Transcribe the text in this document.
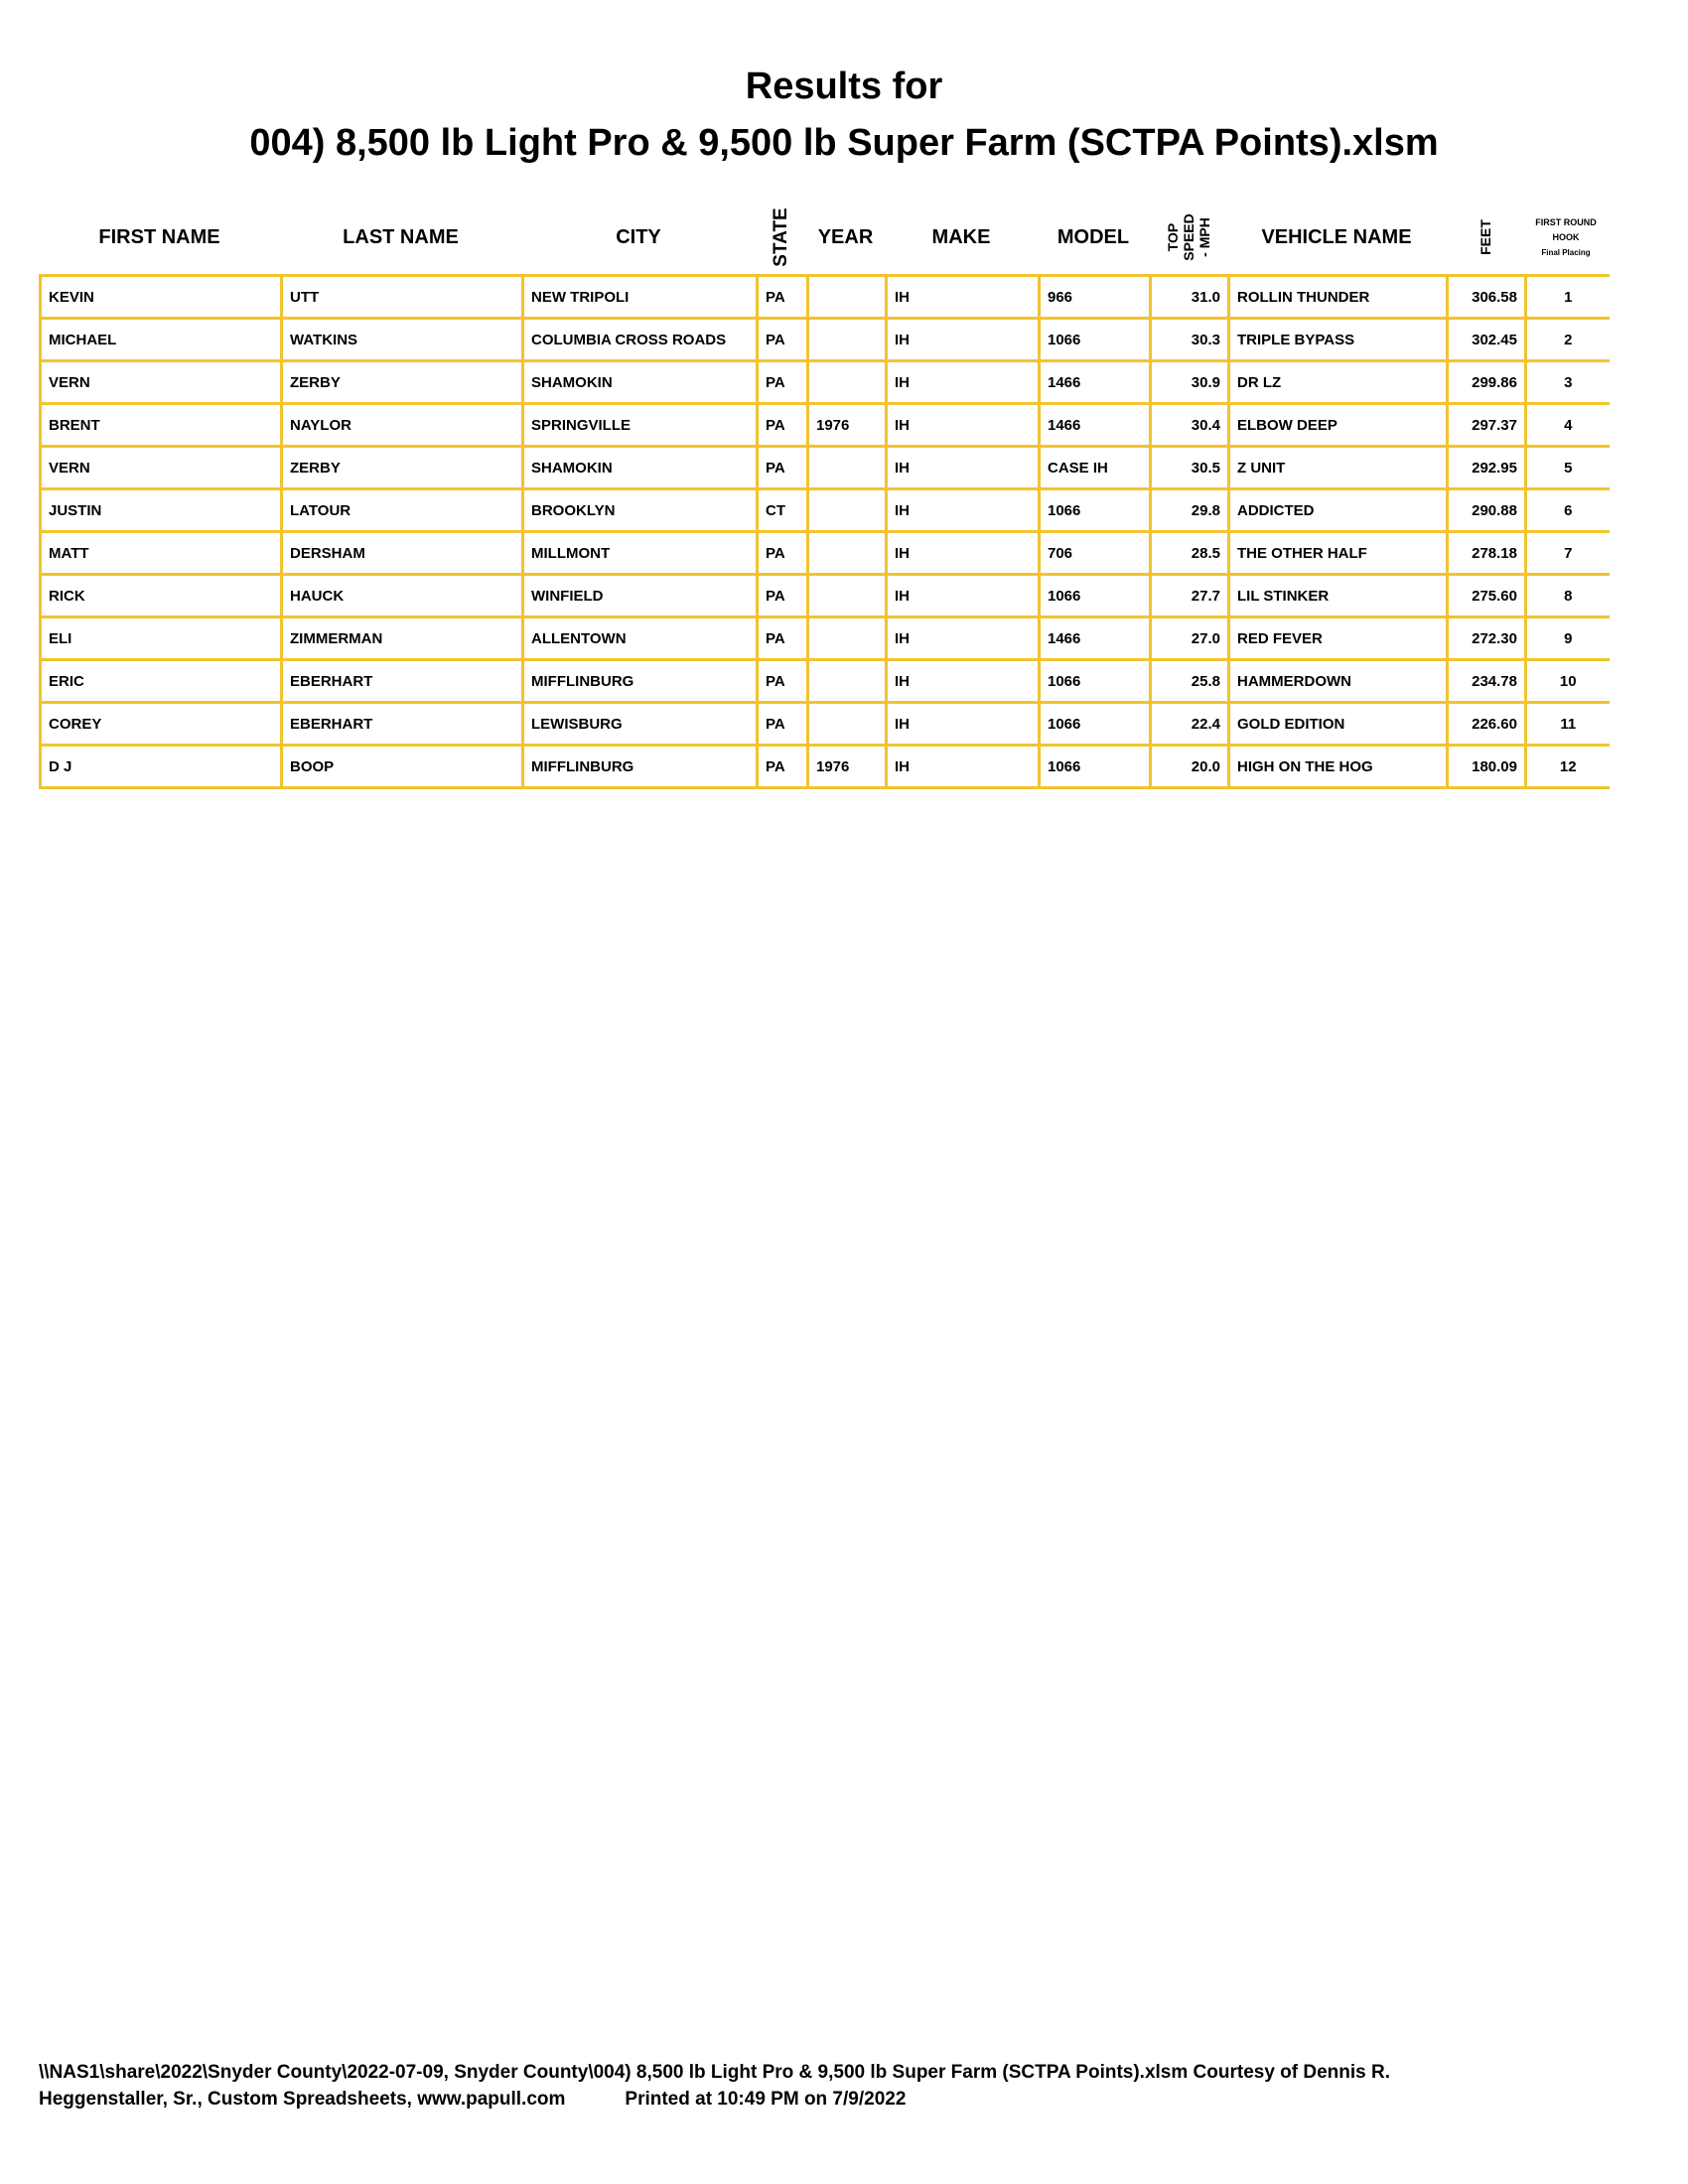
Results for
004) 8,500 lb Light Pro & 9,500 lb Super Farm (SCTPA Points).xlsm
FIRST NAME	LAST NAME	CITY	STATE	YEAR	MAKE	MODEL	TOP SPEED - MPH	VEHICLE NAME	FEET	FIRST ROUND
HOOK
Final Placing
KEVIN	UTT	NEW TRIPOLI	PA		IH	966	31.0	ROLLIN THUNDER	306.58	1
MICHAEL	WATKINS	COLUMBIA CROSS ROADS	PA		IH	1066	30.3	TRIPLE BYPASS	302.45	2
VERN	ZERBY	SHAMOKIN	PA		IH	1466	30.9	DR LZ	299.86	3
BRENT	NAYLOR	SPRINGVILLE	PA	1976	IH	1466	30.4	ELBOW DEEP	297.37	4
VERN	ZERBY	SHAMOKIN	PA		IH	CASE IH	30.5	Z UNIT	292.95	5
JUSTIN	LATOUR	BROOKLYN	CT		IH	1066	29.8	ADDICTED	290.88	6
MATT	DERSHAM	MILLMONT	PA		IH	706	28.5	THE OTHER HALF	278.18	7
RICK	HAUCK	WINFIELD	PA		IH	1066	27.7	LIL STINKER	275.60	8
ELI	ZIMMERMAN	ALLENTOWN	PA		IH	1466	27.0	RED FEVER	272.30	9
ERIC	EBERHART	MIFFLINBURG	PA		IH	1066	25.8	HAMMERDOWN	234.78	10
COREY	EBERHART	LEWISBURG	PA		IH	1066	22.4	GOLD EDITION	226.60	11
D J	BOOP	MIFFLINBURG	PA	1976	IH	1066	20.0	HIGH ON THE HOG	180.09	12
\\NAS1\share\2022\Snyder County\2022-07-09, Snyder County\004) 8,500 lb Light Pro & 9,500 lb Super Farm (SCTPA Points).xlsm Courtesy of Dennis R.
Heggenstaller, Sr., Custom Spreadsheets, www.papull.com	Printed at 10:49 PM on 7/9/2022
